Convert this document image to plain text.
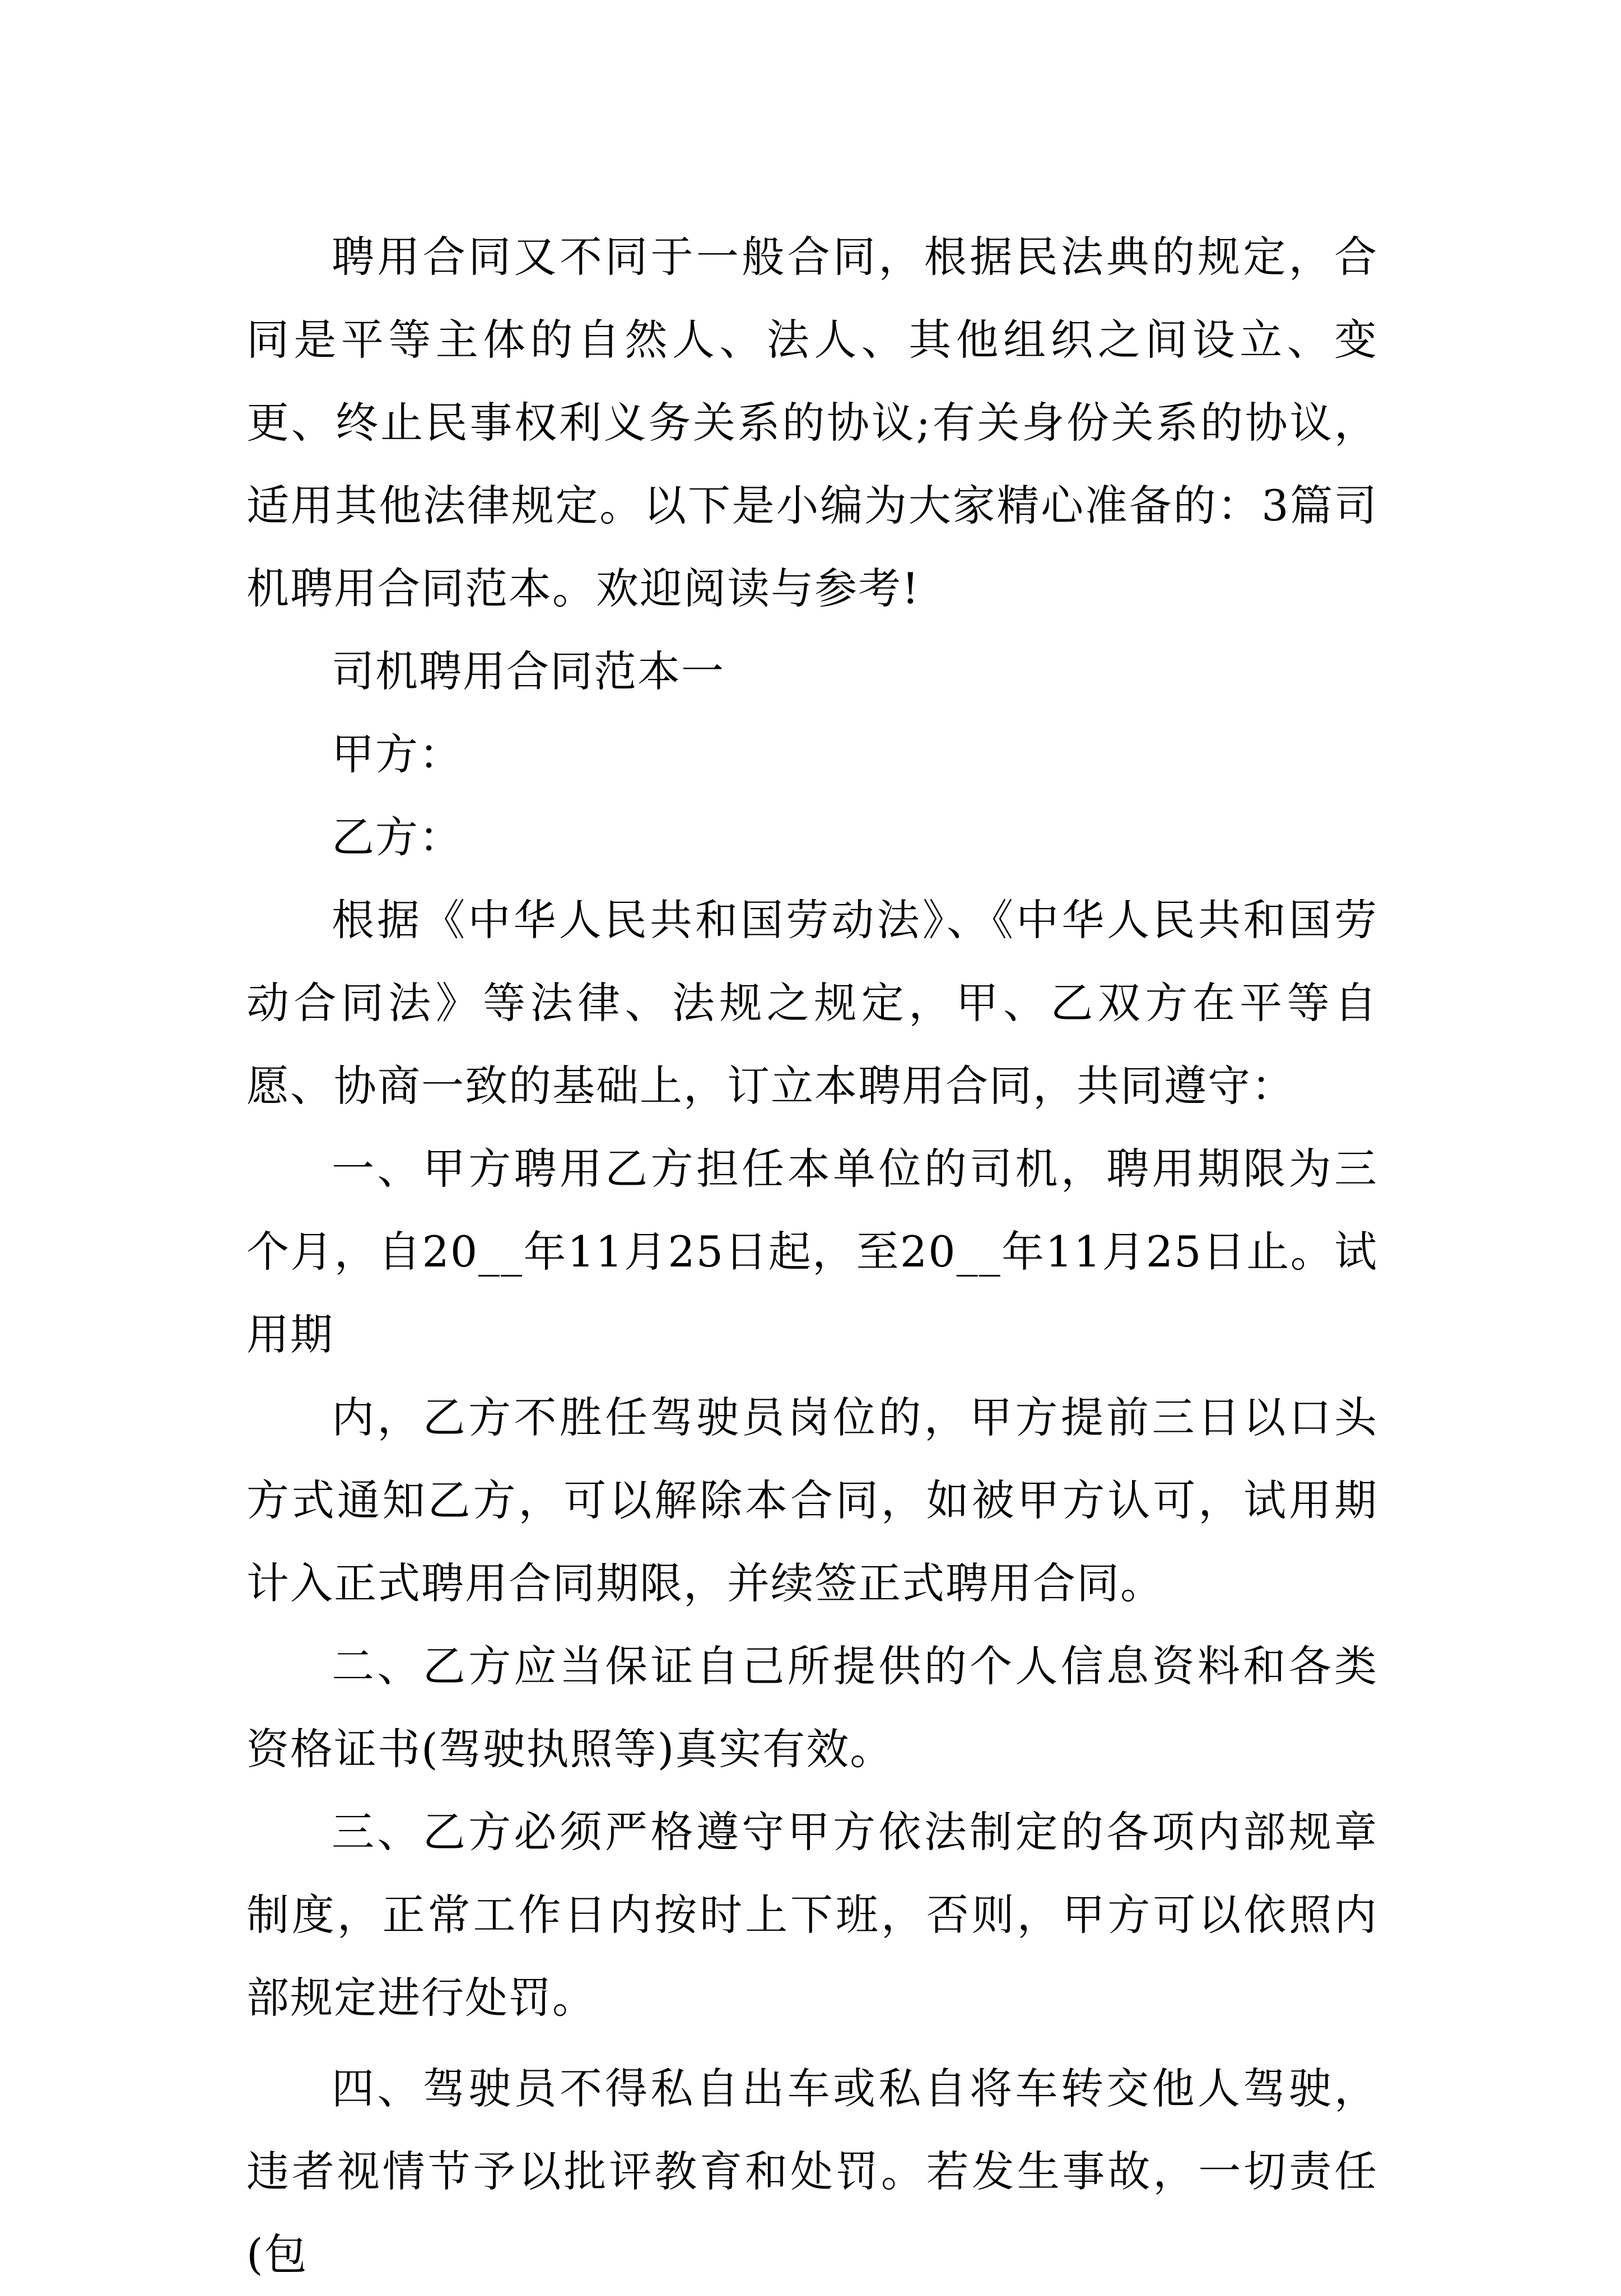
聘用合同又不同于一般合同，根据民法典的规定，合同是平等主体的自然人、法人、其他组织之间设立、变更、终止民事权利义务关系的协议;有关身份关系的协议，适用其他法律规定。以下是小编为大家精心准备的：3篇司机聘用合同范本。欢迎阅读与参考!

司机聘用合同范本一

甲方：

乙方：

根据《中华人民共和国劳动法》、《中华人民共和国劳动合同法》等法律、法规之规定，甲、乙双方在平等自愿、协商一致的基础上，订立本聘用合同，共同遵守：

一、甲方聘用乙方担任本单位的司机，聘用期限为三个月，自20__年11月25日起，至20__年11月25日止。试用期

内，乙方不胜任驾驶员岗位的，甲方提前三日以口头方式通知乙方，可以解除本合同，如被甲方认可，试用期计入正式聘用合同期限，并续签正式聘用合同。

二、乙方应当保证自己所提供的个人信息资料和各类资格证书(驾驶执照等)真实有效。

三、乙方必须严格遵守甲方依法制定的各项内部规章制度，正常工作日内按时上下班，否则，甲方可以依照内部规定进行处罚。

四、驾驶员不得私自出车或私自将车转交他人驾驶，违者视情节予以批评教育和处罚。若发生事故，一切责任(包
